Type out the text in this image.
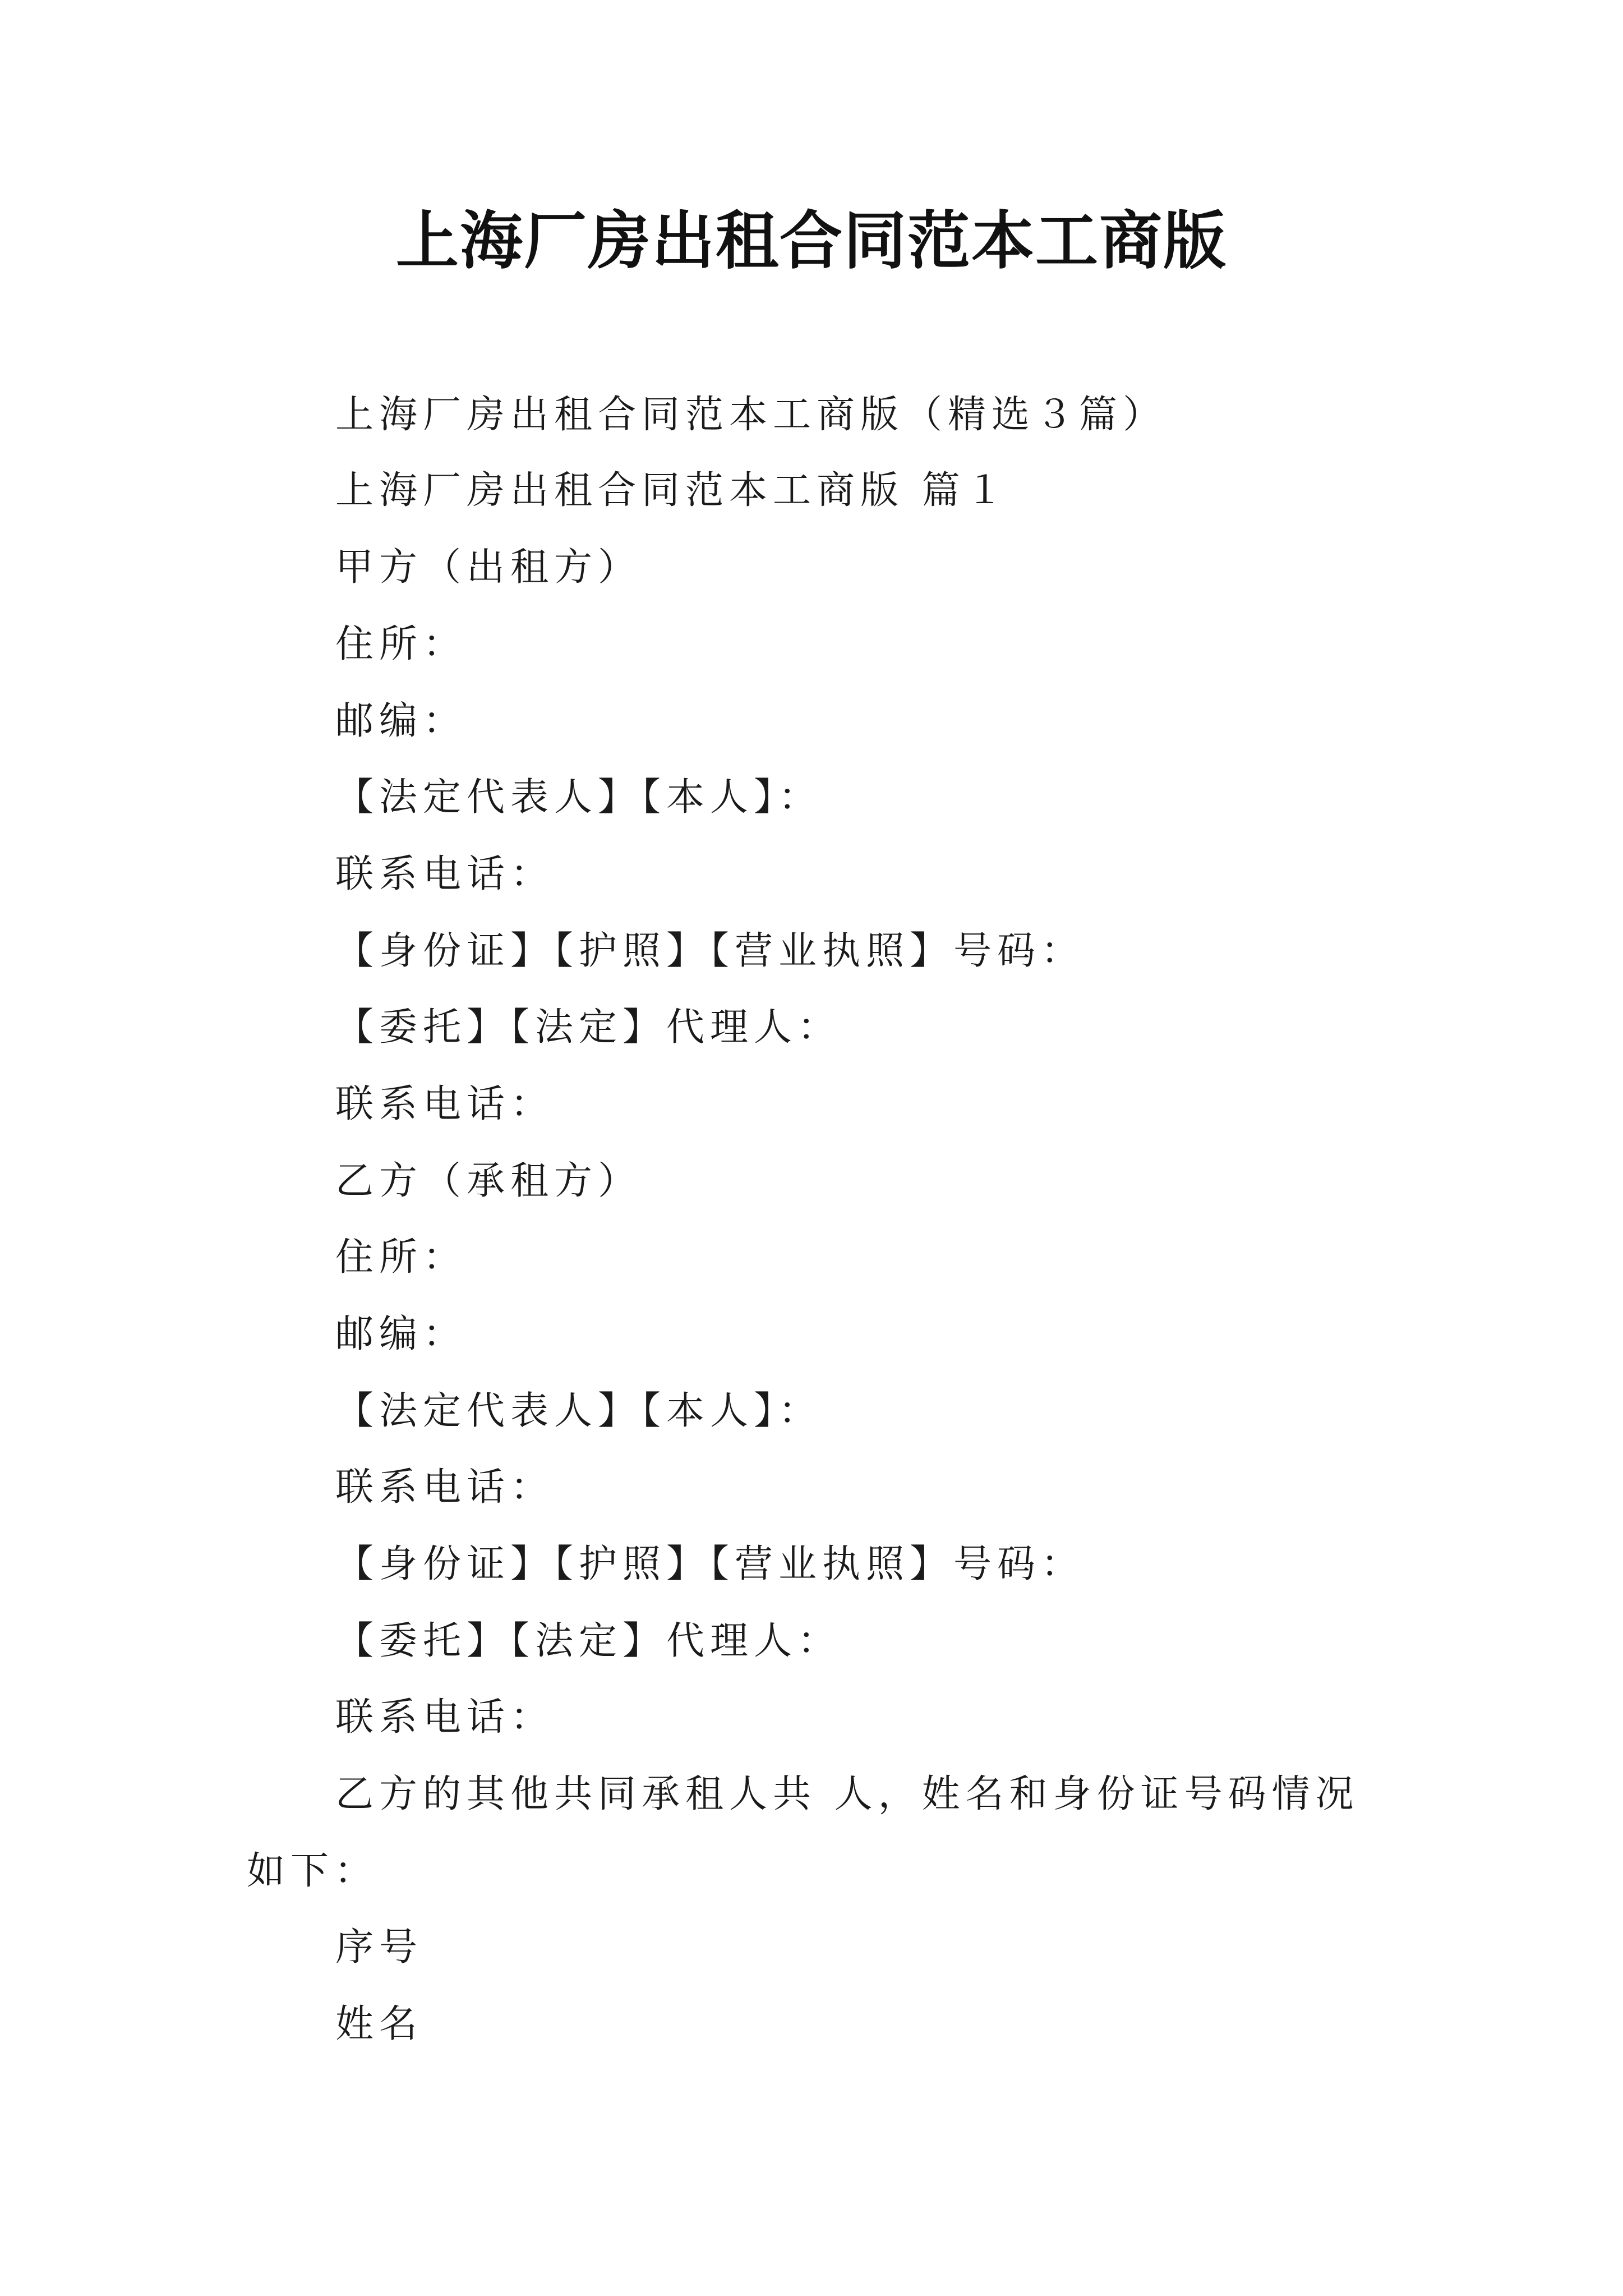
上海厂房出租合同范本工商版
上海厂房出租合同范本工商版（精选３篇）
上海厂房出租合同范本工商版 篇１
甲方（出租方）
住所：
邮编：
【法定代表人】【本人】：
联系电话：
【身份证】【护照】【营业执照】号码：
【委托】【法定】代理人：
联系电话：
乙方（承租方）
住所：
邮编：
【法定代表人】【本人】：
联系电话：
【身份证】【护照】【营业执照】号码：
【委托】【法定】代理人：
联系电话：
乙方的其他共同承租人共 人，姓名和身份证号码情况
如下：
序号
姓名
